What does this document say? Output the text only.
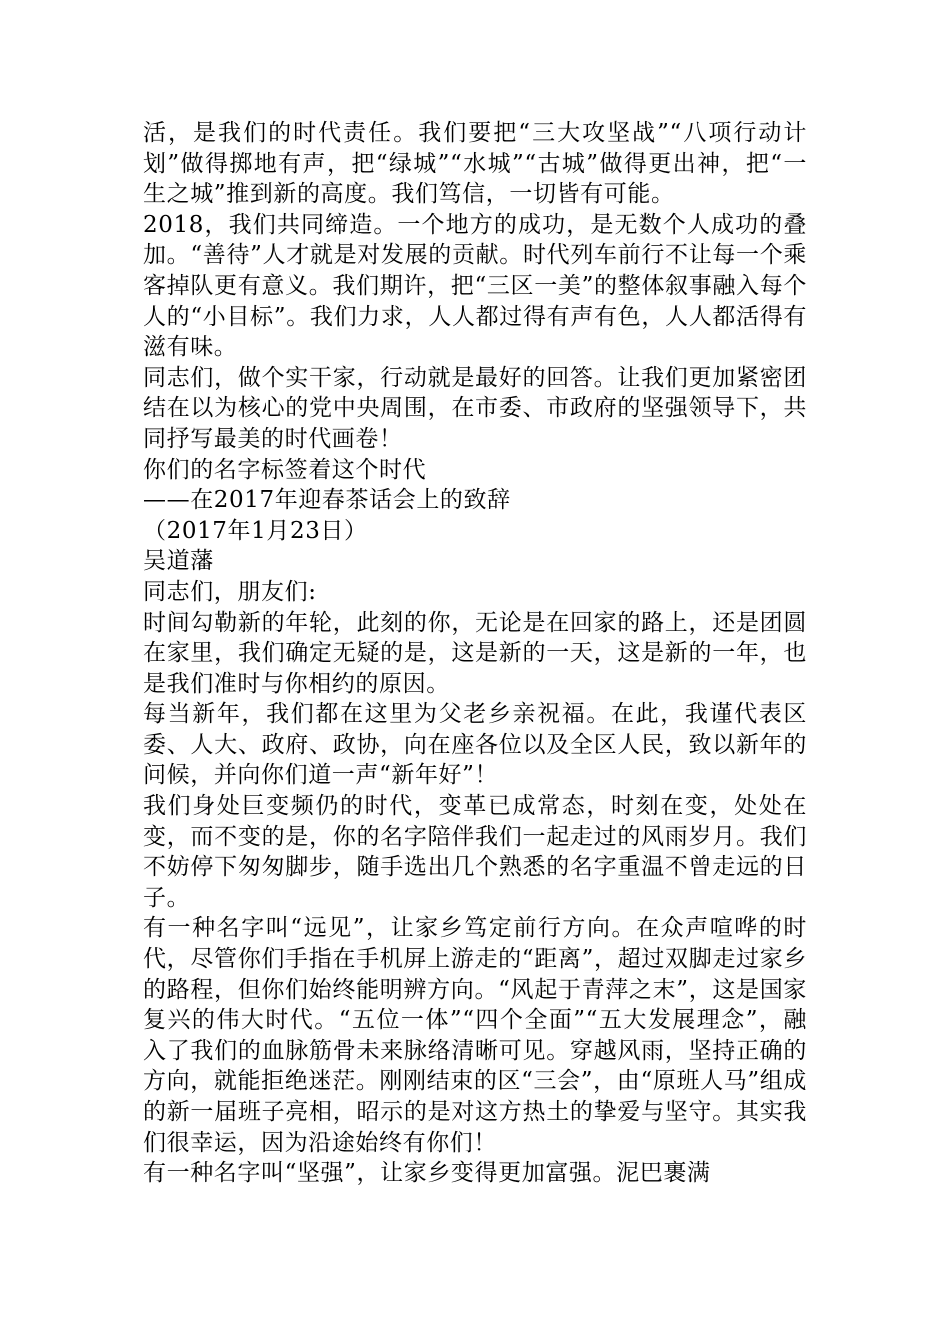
活，是我们的时代责任。我们要把“三大攻坚战”“八项行动计划”做得掷地有声，把“绿城”“水城”“古城”做得更出神，把“一生之城”推到新的高度。我们笃信，一切皆有可能。

2018，我们共同缔造。一个地方的成功，是无数个人成功的叠加。“善待”人才就是对发展的贡献。时代列车前行不让每一个乘客掉队更有意义。我们期许，把“三区一美”的整体叙事融入每个人的“小目标”。我们力求，人人都过得有声有色，人人都活得有滋有味。

同志们，做个实干家，行动就是最好的回答。让我们更加紧密团结在以为核心的党中央周围，在市委、市政府的坚强领导下，共同抒写最美的时代画卷！

你们的名字标签着这个时代

——在2017年迎春茶话会上的致辞

（2017年1月23日）

吴道藩

同志们，朋友们:

时间勾勒新的年轮，此刻的你，无论是在回家的路上，还是团圆在家里，我们确定无疑的是，这是新的一天，这是新的一年，也是我们准时与你相约的原因。

每当新年，我们都在这里为父老乡亲祝福。在此，我谨代表区委、人大、政府、政协，向在座各位以及全区人民，致以新年的问候，并向你们道一声“新年好”！

我们身处巨变频仍的时代，变革已成常态，时刻在变，处处在变，而不变的是，你的名字陪伴我们一起走过的风雨岁月。我们不妨停下匆匆脚步，随手选出几个熟悉的名字重温不曾走远的日子。

有一种名字叫“远见”，让家乡笃定前行方向。在众声喧哗的时代，尽管你们手指在手机屏上游走的“距离”，超过双脚走过家乡的路程，但你们始终能明辨方向。“风起于青萍之末”，这是国家复兴的伟大时代。“五位一体”“四个全面”“五大发展理念”，融入了我们的血脉筋骨未来脉络清晰可见。穿越风雨，坚持正确的方向，就能拒绝迷茫。刚刚结束的区“三会”，由“原班人马”组成的新一届班子亮相，昭示的是对这方热土的挚爱与坚守。其实我们很幸运，因为沿途始终有你们！

有一种名字叫“坚强”，让家乡变得更加富强。泥巴裹满
